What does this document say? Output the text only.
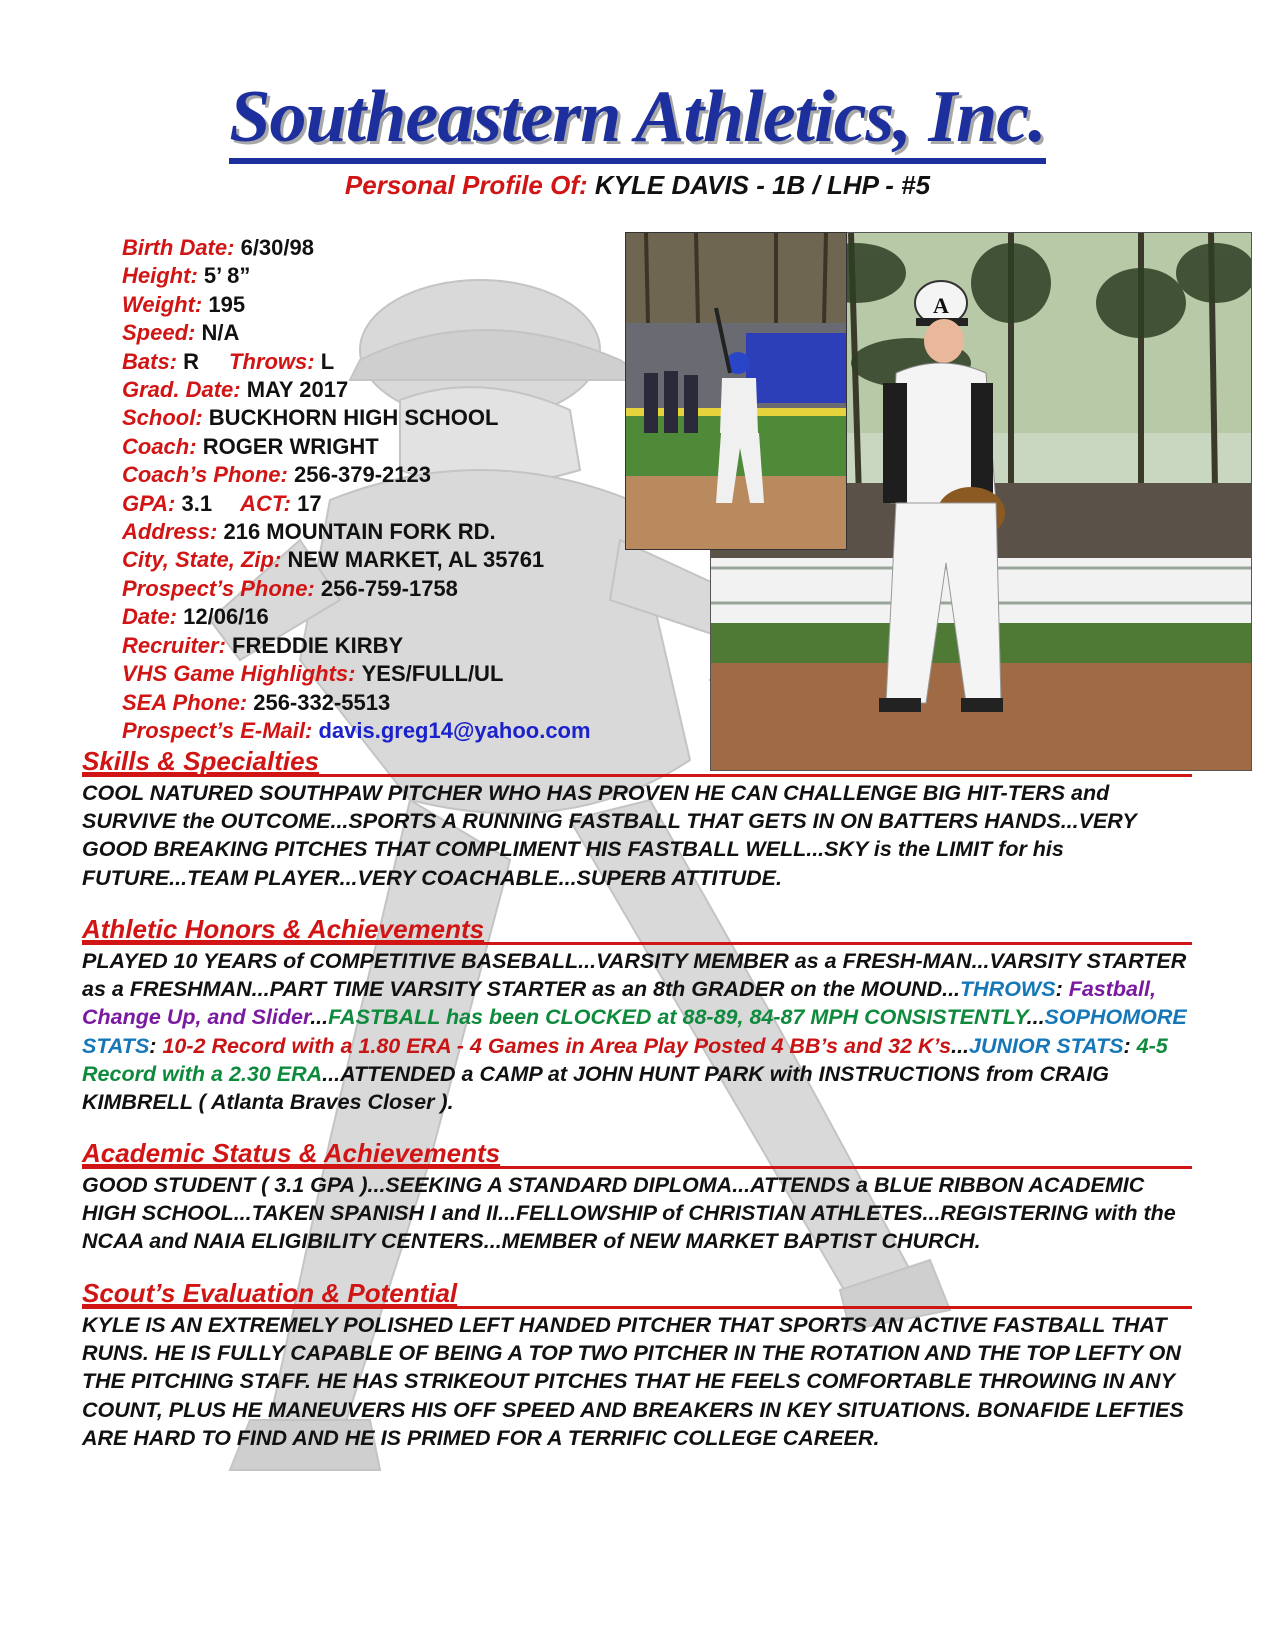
Southeastern Athletics, Inc.
Personal Profile Of: KYLE DAVIS - 1B / LHP - #5
Birth Date: 6/30/98
Height: 5’ 8”
Weight: 195
Speed: N/A
Bats: R Throws: L
Grad. Date: MAY 2017
School: BUCKHORN HIGH SCHOOL
Coach: ROGER WRIGHT
Coach’s Phone: 256-379-2123
GPA: 3.1 ACT: 17
Address: 216 MOUNTAIN FORK RD.
City, State, Zip: NEW MARKET, AL 35761
Prospect’s Phone: 256-759-1758
Date: 12/06/16
Recruiter: FREDDIE KIRBY
VHS Game Highlights: YES/FULL/UL
SEA Phone: 256-332-5513
Prospect’s E-Mail: davis.greg14@yahoo.com
A
Skills & Specialties
COOL NATURED SOUTHPAW PITCHER WHO HAS PROVEN HE CAN CHALLENGE BIG HIT-TERS and SURVIVE the OUTCOME...SPORTS A RUNNING FASTBALL THAT GETS IN ON BATTERS HANDS...VERY GOOD BREAKING PITCHES THAT COMPLIMENT HIS FASTBALL WELL...SKY is the LIMIT for his FUTURE...TEAM PLAYER...VERY COACHABLE...SUPERB ATTITUDE.
Athletic Honors & Achievements
PLAYED 10 YEARS of COMPETITIVE BASEBALL...VARSITY MEMBER as a FRESH-MAN...VARSITY STARTER as a FRESHMAN...PART TIME VARSITY STARTER as an 8th GRADER on the MOUND...THROWS: Fastball, Change Up, and Slider...FASTBALL has been CLOCKED at 88-89, 84-87 MPH CONSISTENTLY...SOPHOMORE STATS: 10-2 Record with a 1.80 ERA - 4 Games in Area Play Posted 4 BB’s and 32 K’s...JUNIOR STATS: 4-5 Record with a 2.30 ERA...ATTENDED a CAMP at JOHN HUNT PARK with INSTRUCTIONS from CRAIG KIMBRELL ( Atlanta Braves Closer ).
Academic Status & Achievements
GOOD STUDENT ( 3.1 GPA )...SEEKING A STANDARD DIPLOMA...ATTENDS a BLUE RIBBON ACADEMIC HIGH SCHOOL...TAKEN SPANISH I and II...FELLOWSHIP of CHRISTIAN ATHLETES...REGISTERING with the NCAA and NAIA ELIGIBILITY CENTERS...MEMBER of NEW MARKET BAPTIST CHURCH.
Scout’s Evaluation & Potential
KYLE IS AN EXTREMELY POLISHED LEFT HANDED PITCHER THAT SPORTS AN ACTIVE FASTBALL THAT RUNS. HE IS FULLY CAPABLE OF BEING A TOP TWO PITCHER IN THE ROTATION AND THE TOP LEFTY ON THE PITCHING STAFF. HE HAS STRIKEOUT PITCHES THAT HE FEELS COMFORTABLE THROWING IN ANY COUNT, PLUS HE MANEUVERS HIS OFF SPEED AND BREAKERS IN KEY SITUATIONS. BONAFIDE LEFTIES ARE HARD TO FIND AND HE IS PRIMED FOR A TERRIFIC COLLEGE CAREER.
